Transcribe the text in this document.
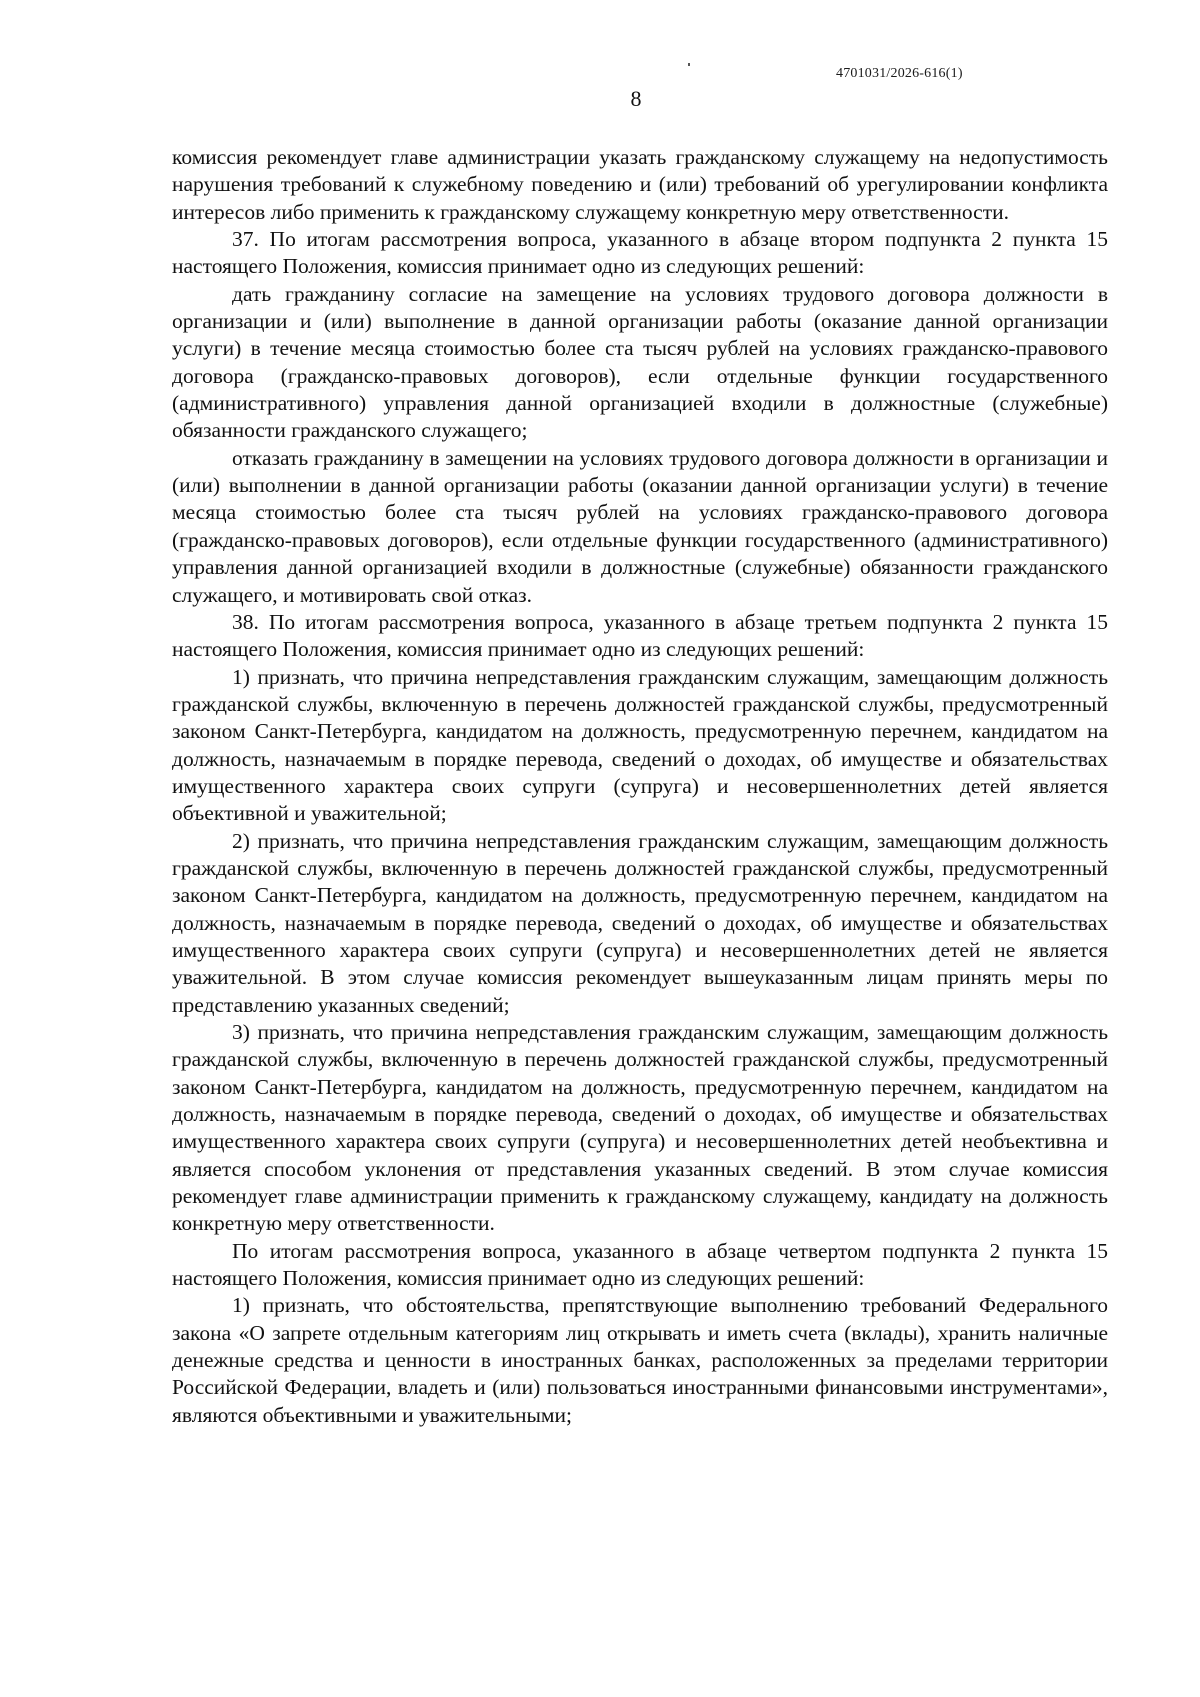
4701031/2026-616(1)
8

комиссия рекомендует главе администрации указать гражданскому служащему на недопустимость нарушения требований к служебному поведению и (или) требований об урегулировании конфликта интересов либо применить к гражданскому служащему конкретную меру ответственности.

37. По итогам рассмотрения вопроса, указанного в абзаце втором подпункта 2 пункта 15 настоящего Положения, комиссия принимает одно из следующих решений:

дать гражданину согласие на замещение на условиях трудового договора должности в организации и (или) выполнение в данной организации работы (оказание данной организации услуги) в течение месяца стоимостью более ста тысяч рублей на условиях гражданско-правового договора (гражданско-правовых договоров), если отдельные функции государственного (административного) управления данной организацией входили в должностные (служебные) обязанности гражданского служащего;

отказать гражданину в замещении на условиях трудового договора должности в организации и (или) выполнении в данной организации работы (оказании данной организации услуги) в течение месяца стоимостью более ста тысяч рублей на условиях гражданско-правового договора (гражданско-правовых договоров), если отдельные функции государственного (административного) управления данной организацией входили в должностные (служебные) обязанности гражданского служащего, и мотивировать свой отказ.

38. По итогам рассмотрения вопроса, указанного в абзаце третьем подпункта 2 пункта 15 настоящего Положения, комиссия принимает одно из следующих решений:

1) признать, что причина непредставления гражданским служащим, замещающим должность гражданской службы, включенную в перечень должностей гражданской службы, предусмотренный законом Санкт-Петербурга, кандидатом на должность, предусмотренную перечнем, кандидатом на должность, назначаемым в порядке перевода, сведений о доходах, об имуществе и обязательствах имущественного характера своих супруги (супруга) и несовершеннолетних детей является объективной и уважительной;

2) признать, что причина непредставления гражданским служащим, замещающим должность гражданской службы, включенную в перечень должностей гражданской службы, предусмотренный законом Санкт-Петербурга, кандидатом на должность, предусмотренную перечнем, кандидатом на должность, назначаемым в порядке перевода, сведений о доходах, об имуществе и обязательствах имущественного характера своих супруги (супруга) и несовершеннолетних детей не является уважительной. В этом случае комиссия рекомендует вышеуказанным лицам принять меры по представлению указанных сведений;

3) признать, что причина непредставления гражданским служащим, замещающим должность гражданской службы, включенную в перечень должностей гражданской службы, предусмотренный законом Санкт-Петербурга, кандидатом на должность, предусмотренную перечнем, кандидатом на должность, назначаемым в порядке перевода, сведений о доходах, об имуществе и обязательствах имущественного характера своих супруги (супруга) и несовершеннолетних детей необъективна и является способом уклонения от представления указанных сведений. В этом случае комиссия рекомендует главе администрации применить к гражданскому служащему, кандидату на должность конкретную меру ответственности.

По итогам рассмотрения вопроса, указанного в абзаце четвертом подпункта 2 пункта 15 настоящего Положения, комиссия принимает одно из следующих решений:

1) признать, что обстоятельства, препятствующие выполнению требований Федерального закона «О запрете отдельным категориям лиц открывать и иметь счета (вклады), хранить наличные денежные средства и ценности в иностранных банках, расположенных за пределами территории Российской Федерации, владеть и (или) пользоваться иностранными финансовыми инструментами», являются объективными и уважительными;
